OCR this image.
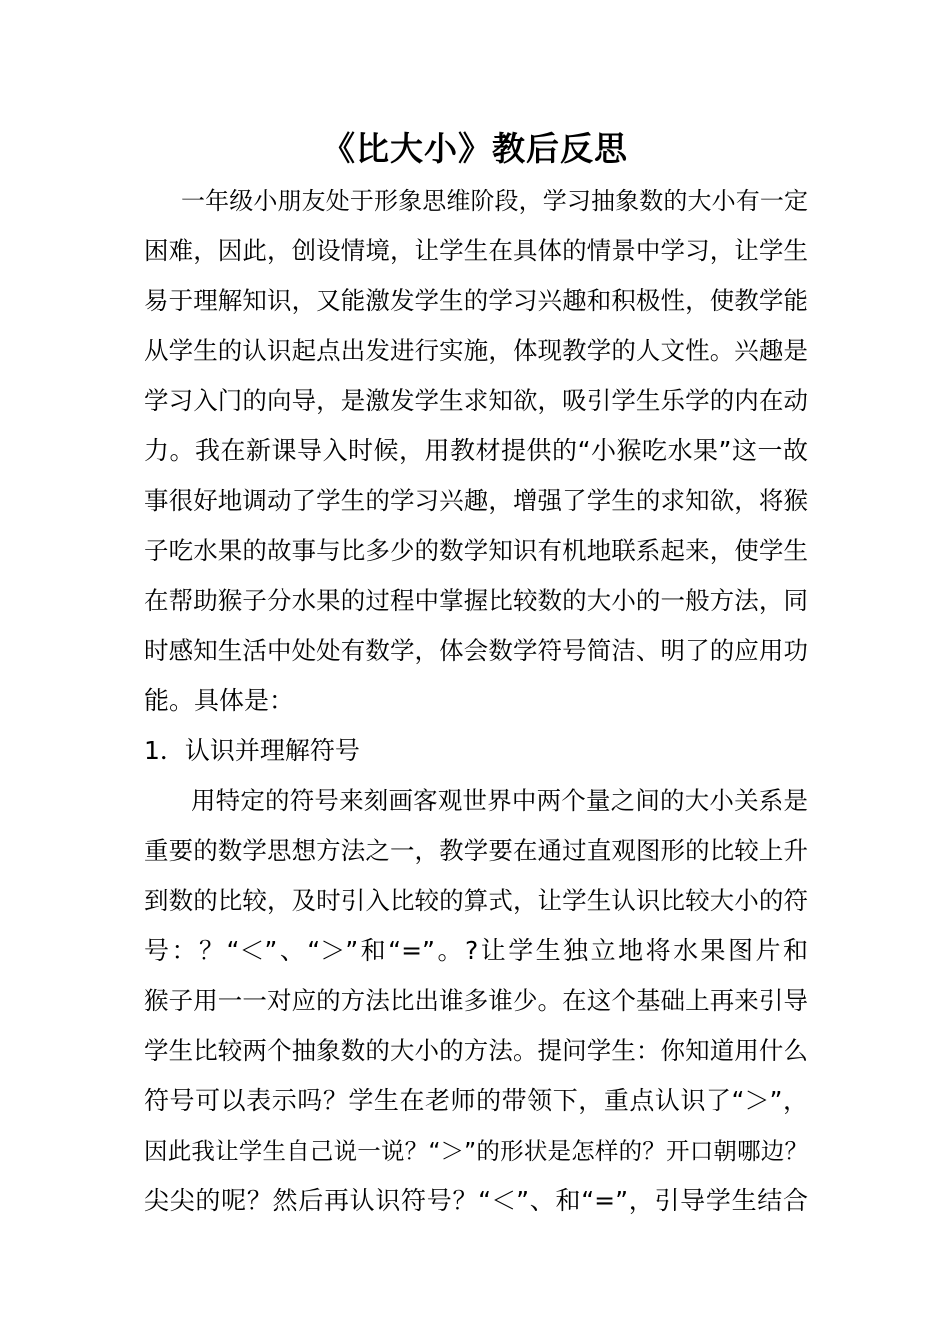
《比大小》教后反思
一年级小朋友处于形象思维阶段，学习抽象数的大小有一定
困难，因此，创设情境，让学生在具体的情景中学习，让学生
易于理解知识，又能激发学生的学习兴趣和积极性，使教学能
从学生的认识起点出发进行实施，体现教学的人文性。兴趣是
学习入门的向导，是激发学生求知欲，吸引学生乐学的内在动
力。我在新课导入时候，用教材提供的“小猴吃水果”这一故
事很好地调动了学生的学习兴趣，增强了学生的求知欲，将猴
子吃水果的故事与比多少的数学知识有机地联系起来，使学生
在帮助猴子分水果的过程中掌握比较数的大小的一般方法，同
时感知生活中处处有数学，体会数学符号简洁、明了的应用功
能。具体是：
1．认识并理解符号
用特定的符号来刻画客观世界中两个量之间的大小关系是
重要的数学思想方法之一，教学要在通过直观图形的比较上升
到数的比较，及时引入比较的算式，让学生认识比较大小的符
号：？“＜”、“＞”和“=”。?让学生独立地将水果图片和
猴子用一一对应的方法比出谁多谁少。在这个基础上再来引导
学生比较两个抽象数的大小的方法。提问学生：你知道用什么
符号可以表示吗？学生在老师的带领下，重点认识了“＞”，
因此我让学生自己说一说？“＞”的形状是怎样的？开口朝哪边？
尖尖的呢？然后再认识符号？“＜”、和“=”，引导学生结合
